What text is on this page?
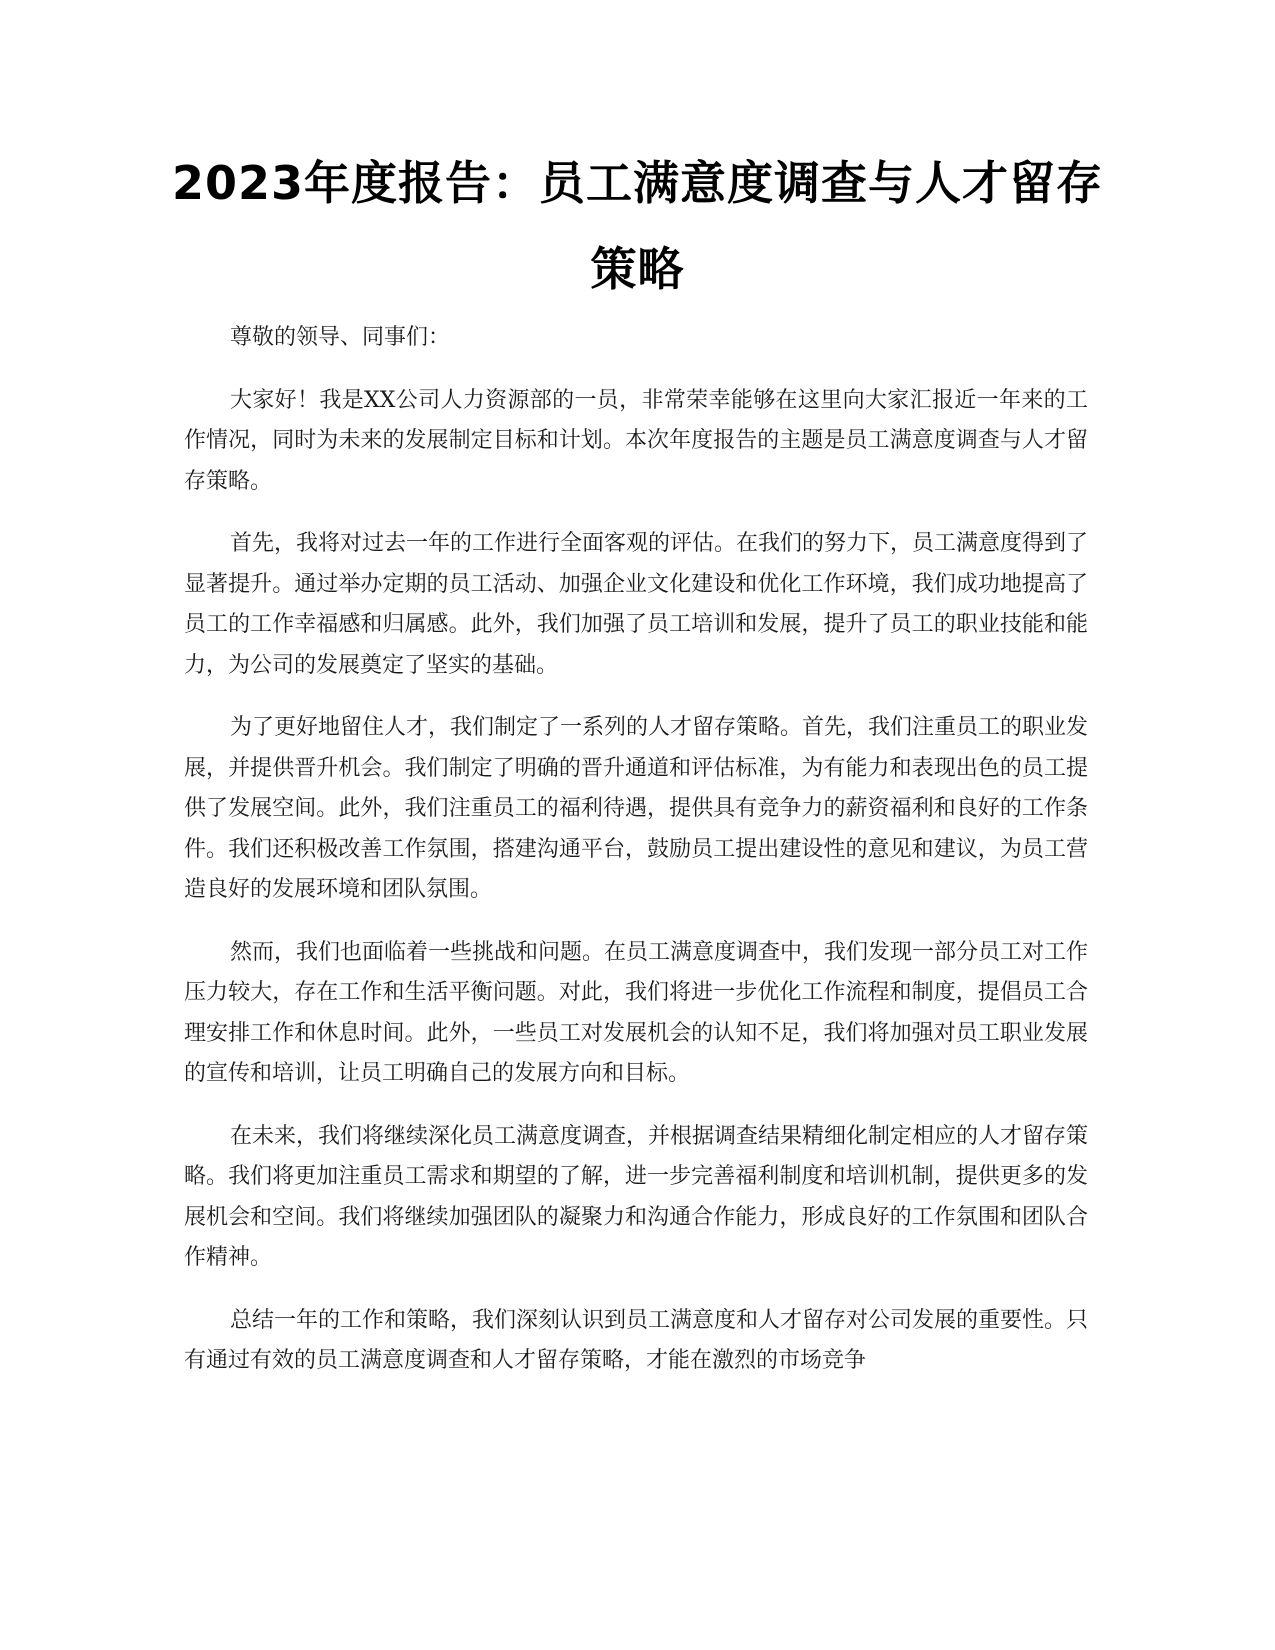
2023年度报告：员工满意度调查与人才留存
策略

尊敬的领导、同事们：

大家好！我是XX公司人力资源部的一员，非常荣幸能够在这里向大家汇报近一年来的工作情况，同时为未来的发展制定目标和计划。本次年度报告的主题是员工满意度调查与人才留存策略。

首先，我将对过去一年的工作进行全面客观的评估。在我们的努力下，员工满意度得到了显著提升。通过举办定期的员工活动、加强企业文化建设和优化工作环境，我们成功地提高了员工的工作幸福感和归属感。此外，我们加强了员工培训和发展，提升了员工的职业技能和能力，为公司的发展奠定了坚实的基础。

为了更好地留住人才，我们制定了一系列的人才留存策略。首先，我们注重员工的职业发展，并提供晋升机会。我们制定了明确的晋升通道和评估标准，为有能力和表现出色的员工提供了发展空间。此外，我们注重员工的福利待遇，提供具有竞争力的薪资福利和良好的工作条件。我们还积极改善工作氛围，搭建沟通平台，鼓励员工提出建设性的意见和建议，为员工营造良好的发展环境和团队氛围。

然而，我们也面临着一些挑战和问题。在员工满意度调查中，我们发现一部分员工对工作压力较大，存在工作和生活平衡问题。对此，我们将进一步优化工作流程和制度，提倡员工合理安排工作和休息时间。此外，一些员工对发展机会的认知不足，我们将加强对员工职业发展的宣传和培训，让员工明确自己的发展方向和目标。

在未来，我们将继续深化员工满意度调查，并根据调查结果精细化制定相应的人才留存策略。我们将更加注重员工需求和期望的了解，进一步完善福利制度和培训机制，提供更多的发展机会和空间。我们将继续加强团队的凝聚力和沟通合作能力，形成良好的工作氛围和团队合作精神。

总结一年的工作和策略，我们深刻认识到员工满意度和人才留存对公司发展的重要性。只有通过有效的员工满意度调查和人才留存策略，才能在激烈的市场竞争
